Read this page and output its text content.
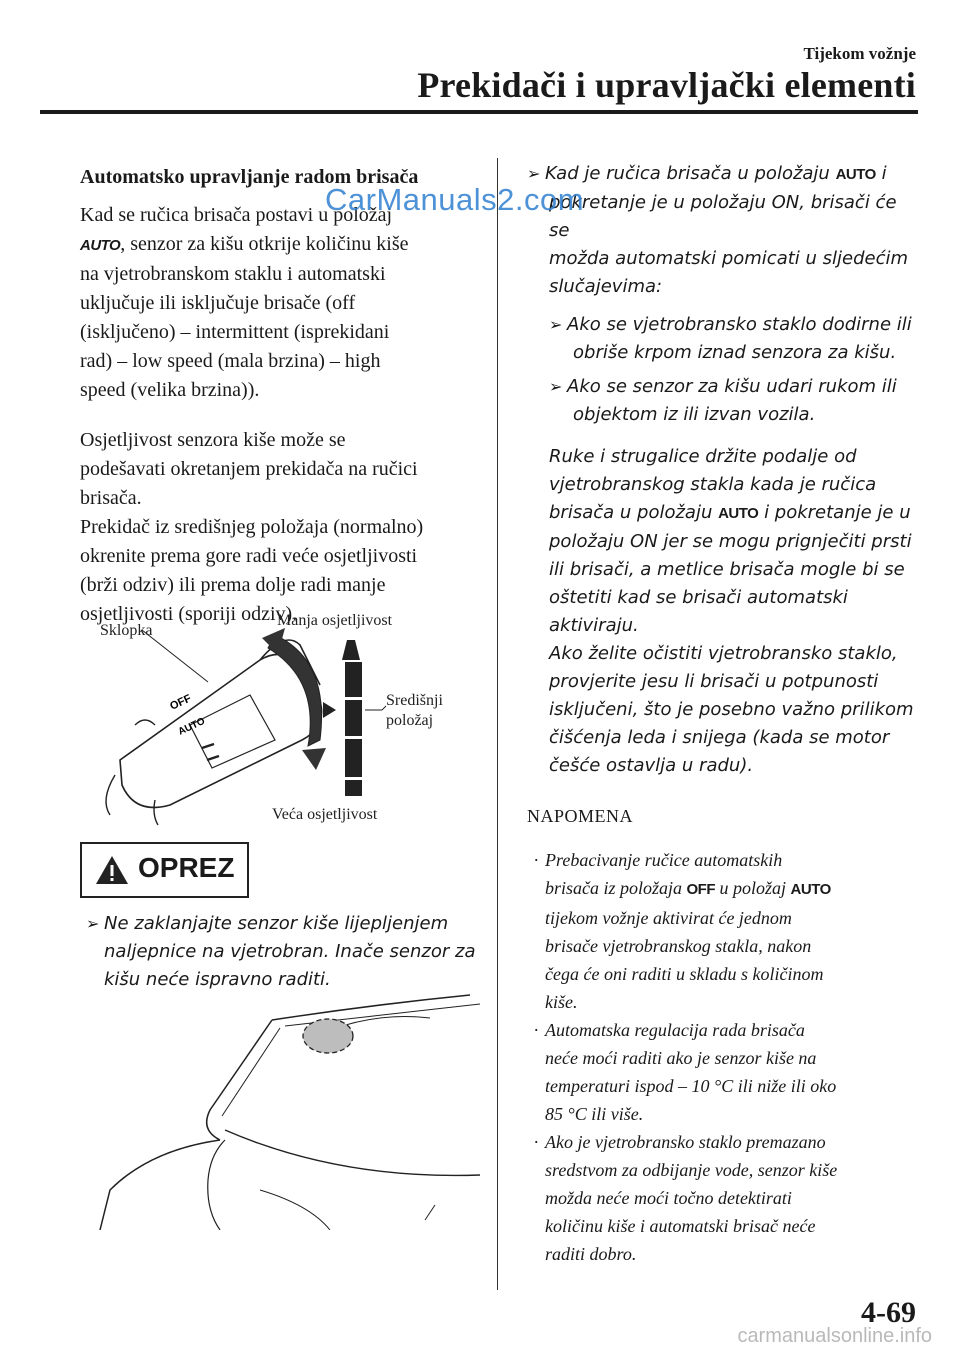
Tijekom vožnje
Prekidači i upravljački elementi
Automatsko upravljanje radom brisača

Kad se ručica brisača postavi u položaj
AUTO, senzor za kišu otkrije količinu kiše
na vjetrobranskom staklu i automatski
uključuje ili isključuje brisače (off
(isključeno) – intermittent (isprekidani
rad) – low speed (mala brzina) – high
speed (velika brzina)).

Osjetljivost senzora kiše može se
podešavati okretanjem prekidača na ručici
brisača.
Prekidač iz središnjeg položaja (normalno)
okrenite prema gore radi veće osjetljivosti
(brži odziv) ili prema dolje radi manje
osjetljivosti (sporiji odziv).

OFF
AUTO
Sklopka
Manja osjetljivost
Središnji
položaj
Veća osjetljivost
OPREZ
➢ Ne zaklanjajte senzor kiše lijepljenjem
naljepnice na vjetrobran. Inače senzor za
kišu neće ispravno raditi.
➢ Kad je ručica brisača u položaju AUTO i
pokretanje je u položaju ON, brisači će se
možda automatski pomicati u sljedećim
slučajevima:
➢ Ako se vjetrobransko staklo dodirne ili
obriše krpom iznad senzora za kišu.
➢ Ako se senzor za kišu udari rukom ili
objektom iz ili izvan vozila.
Ruke i strugalice držite podalje od
vjetrobranskog stakla kada je ručica
brisača u položaju AUTO i pokretanje je u
položaju ON jer se mogu prignječiti prsti
ili brisači, a metlice brisača mogle bi se
oštetiti kad se brisači automatski
aktiviraju.
Ako želite očistiti vjetrobransko staklo,
provjerite jesu li brisači u potpunosti
isključeni, što je posebno važno prilikom
čišćenja leda i snijega (kada se motor
češće ostavlja u radu).
NAPOMENA
· Prebacivanje ručice automatskih
brisača iz položaja OFF u položaj AUTO
tijekom vožnje aktivirat će jednom
brisače vjetrobranskog stakla, nakon
čega će oni raditi u skladu s količinom
kiše.
· Automatska regulacija rada brisača
neće moći raditi ako je senzor kiše na
temperaturi ispod – 10 °C ili niže ili oko
85 °C ili više.
· Ako je vjetrobransko staklo premazano
sredstvom za odbijanje vode, senzor kiše
možda neće moći točno detektirati
količinu kiše i automatski brisač neće
raditi dobro.
CarManuals2.com
4-69
carmanualsonline.info
